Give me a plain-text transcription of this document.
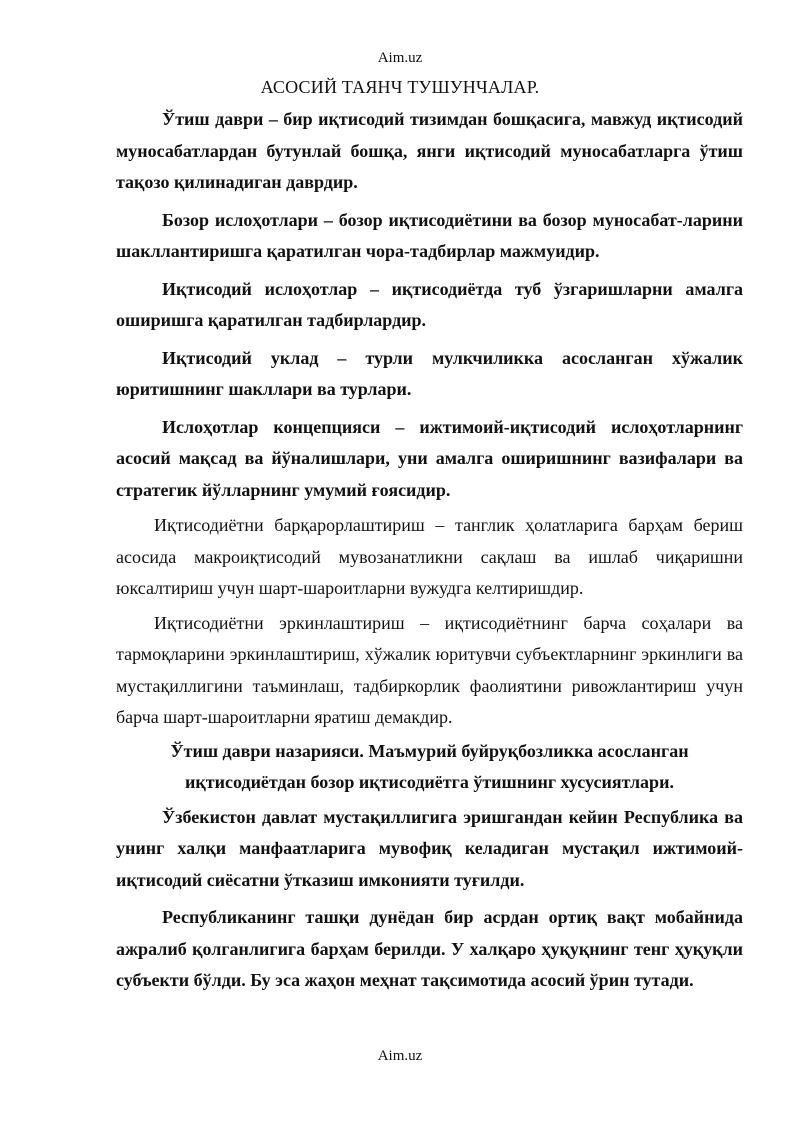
Aim.uz
АСОСИЙ ТАЯНЧ ТУШУНЧАЛАР.

Ўтиш даври – бир иқтисодий тизимдан бошқасига, мавжуд иқтисодий муносабатлардан бутунлай бошқа, янги иқтисодий муносабатларга ўтиш тақозо қилинадиган даврдир.

Бозор ислоҳотлари – бозор иқтисодиётини ва бозор муносабат-ларини шакллантиришга қаратилган чора-тадбирлар мажмуидир.

Иқтисодий ислоҳотлар – иқтисодиётда туб ўзгаришларни амалга оширишга қаратилган тадбирлардир.

Иқтисодий уклад – турли мулкчиликка асосланган хўжалик юритишнинг шакллари ва турлари.

Ислоҳотлар концепцияси – ижтимоий-иқтисодий ислоҳотларнинг асосий мақсад ва йўналишлари, уни амалга оширишнинг вазифалари ва стратегик йўлларнинг умумий ғоясидир.

Иқтисодиётни барқарорлаштириш – танглик ҳолатларига барҳам бериш асосида макроиқтисодий мувозанатликни сақлаш ва ишлаб чиқаришни юксалтириш учун шарт-шароитларни вужудга келтиришдир.

Иқтисодиётни эркинлаштириш – иқтисодиётнинг барча соҳалари ва тармоқларини эркинлаштириш, хўжалик юритувчи субъектларнинг эркинлиги ва мустақиллигини таъминлаш, тадбиркорлик фаолиятини ривожлантириш учун барча шарт-шароитларни яратиш демакдир.

Ўтиш даври назарияси. Маъмурий буйруқбозликка асосланган
иқтисодиётдан бозор иқтисодиётга ўтишнинг хусусиятлари.

Ўзбекистон давлат мустақиллигига эришгандан кейин Республика ва унинг халқи манфаатларига мувофиқ келадиган мустақил ижтимоий-иқтисодий сиёсатни ўтказиш имконияти туғилди.

Республиканинг ташқи дунёдан бир асрдан ортиқ вақт мобайнида ажралиб қолганлигига барҳам берилди. У халқаро ҳуқуқнинг тенг ҳуқуқли субъекти бўлди. Бу эса жаҳон меҳнат тақсимотида асосий ўрин тутади.

Aim.uz
